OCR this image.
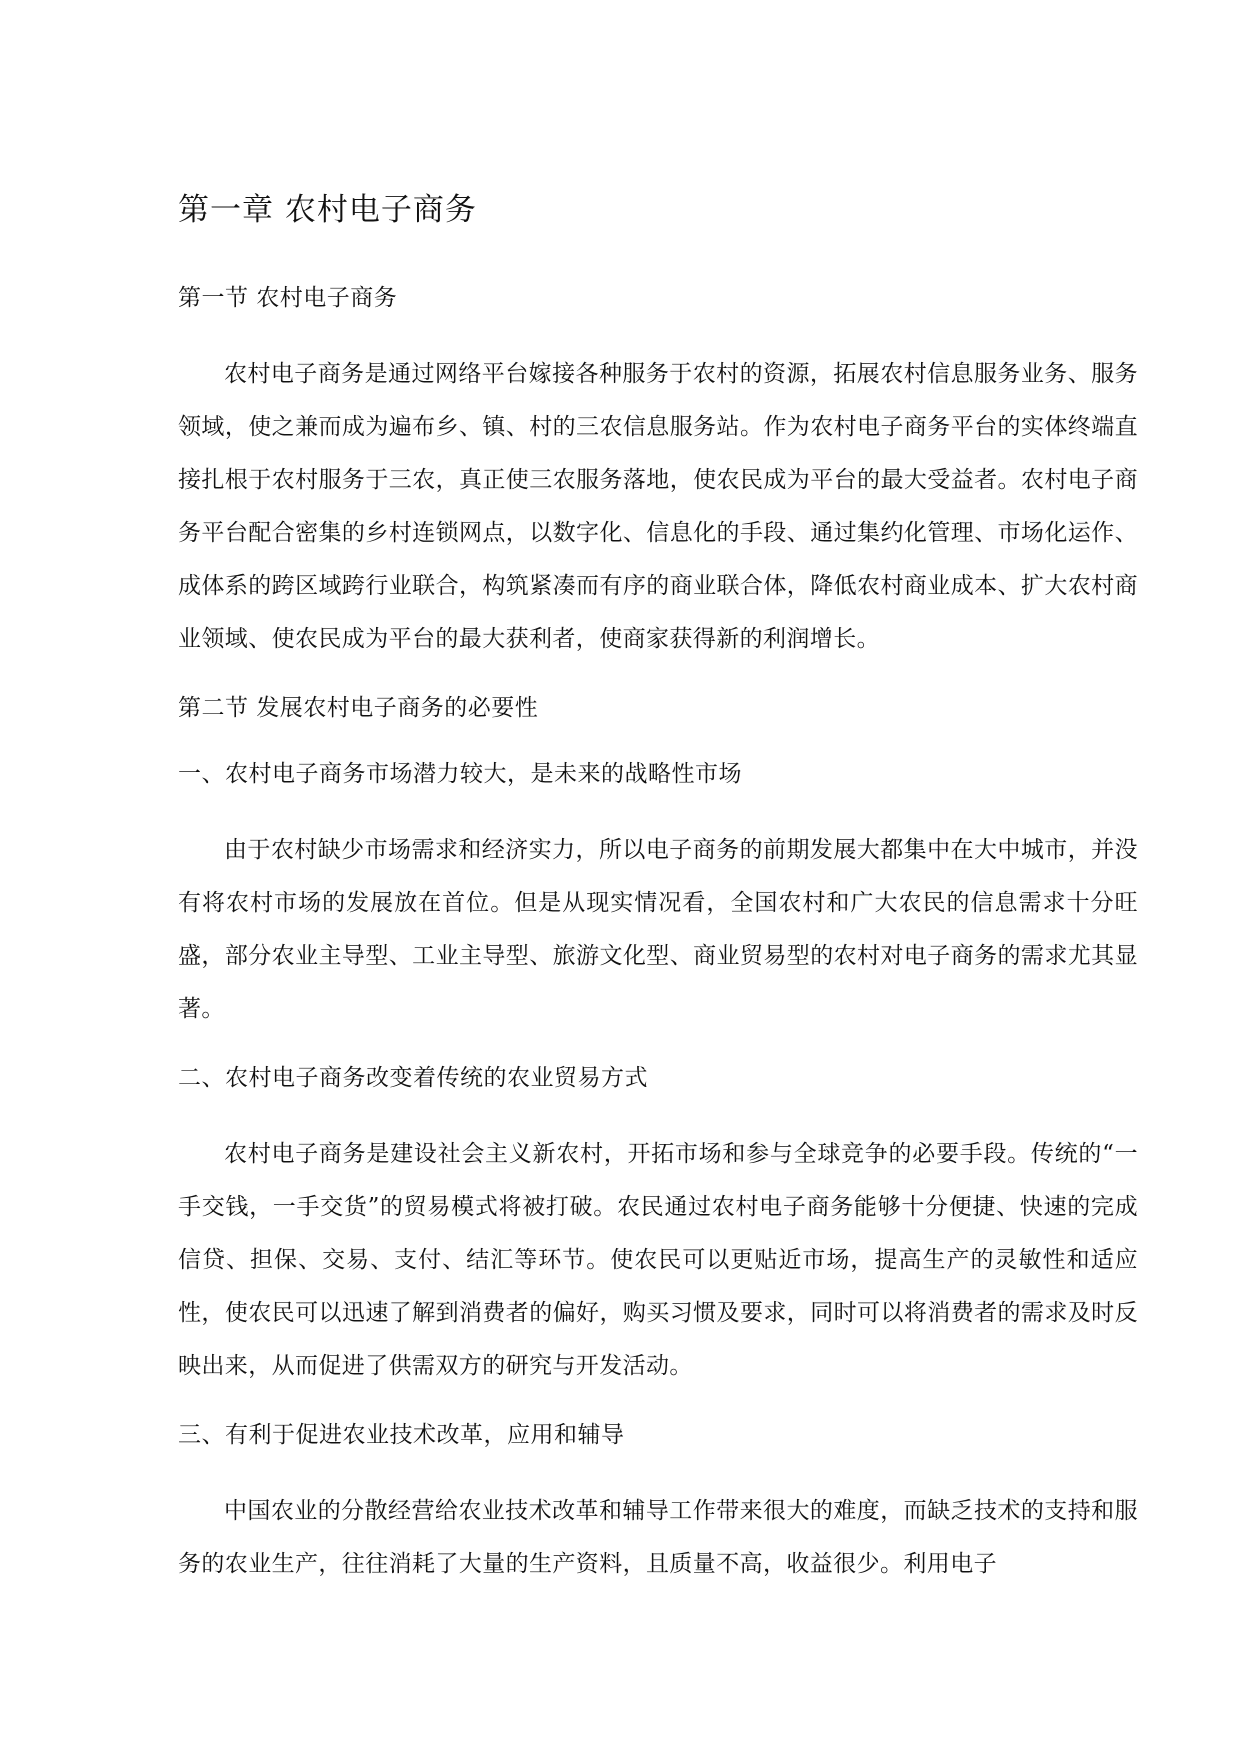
第一章 农村电子商务
第一节 农村电子商务

农村电子商务是通过网络平台嫁接各种服务于农村的资源，拓展农村信息服务业务、服务领域，使之兼而成为遍布乡、镇、村的三农信息服务站。作为农村电子商务平台的实体终端直接扎根于农村服务于三农，真正使三农服务落地，使农民成为平台的最大受益者。农村电子商务平台配合密集的乡村连锁网点，以数字化、信息化的手段、通过集约化管理、市场化运作、成体系的跨区域跨行业联合，构筑紧凑而有序的商业联合体，降低农村商业成本、扩大农村商业领域、使农民成为平台的最大获利者，使商家获得新的利润增长。

第二节 发展农村电子商务的必要性
一、农村电子商务市场潜力较大，是未来的战略性市场

由于农村缺少市场需求和经济实力，所以电子商务的前期发展大都集中在大中城市，并没有将农村市场的发展放在首位。但是从现实情况看，全国农村和广大农民的信息需求十分旺盛，部分农业主导型、工业主导型、旅游文化型、商业贸易型的农村对电子商务的需求尤其显著。

二、农村电子商务改变着传统的农业贸易方式

农村电子商务是建设社会主义新农村，开拓市场和参与全球竞争的必要手段。传统的“一手交钱，一手交货”的贸易模式将被打破。农民通过农村电子商务能够十分便捷、快速的完成信贷、担保、交易、支付、结汇等环节。使农民可以更贴近市场，提高生产的灵敏性和适应性，使农民可以迅速了解到消费者的偏好，购买习惯及要求，同时可以将消费者的需求及时反映出来，从而促进了供需双方的研究与开发活动。

三、有利于促进农业技术改革，应用和辅导

中国农业的分散经营给农业技术改革和辅导工作带来很大的难度，而缺乏技术的支持和服务的农业生产，往往消耗了大量的生产资料，且质量不高，收益很少。利用电子
